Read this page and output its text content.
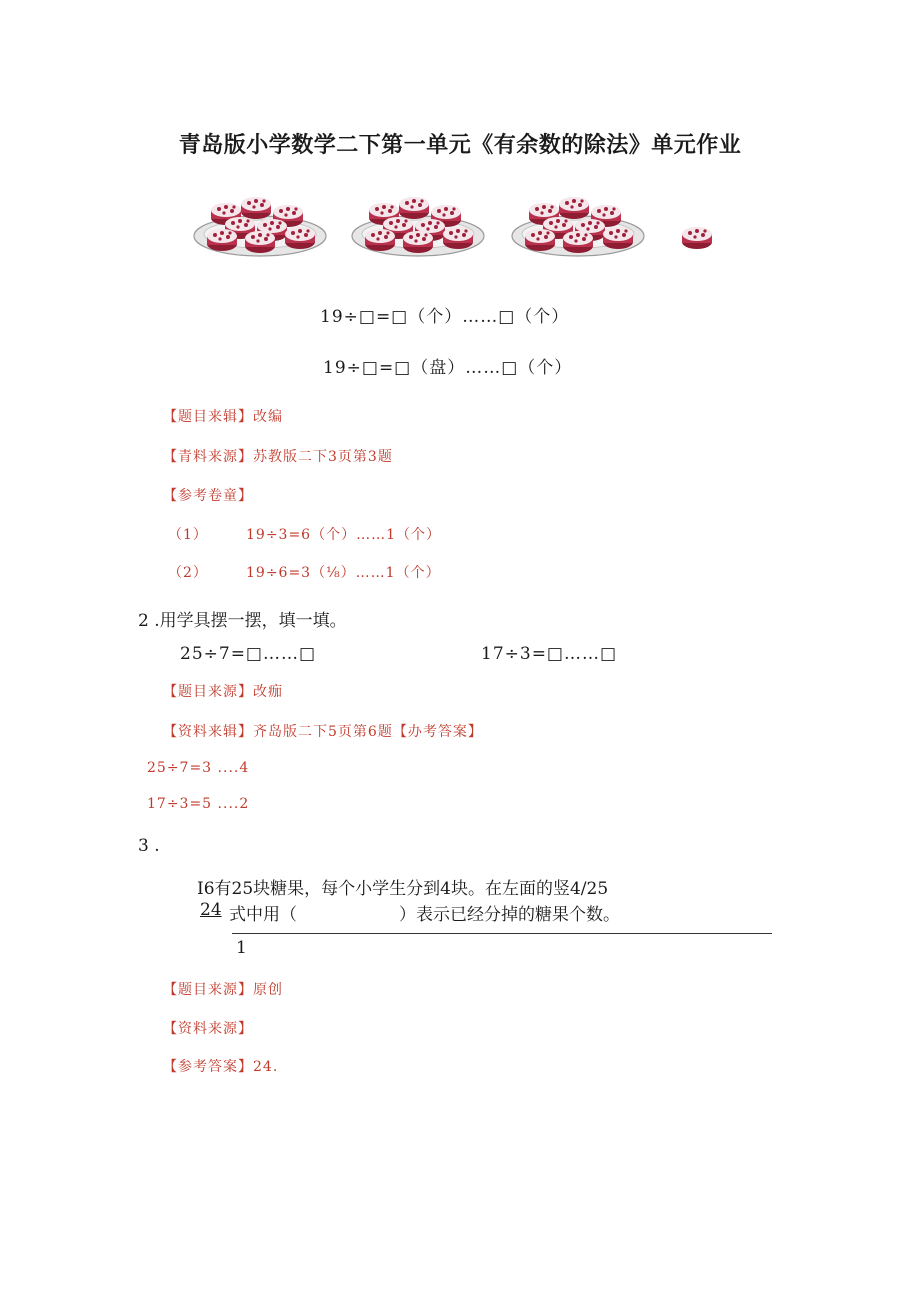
青岛版小学数学二下第一单元《有余数的除法》单元作业
19÷□=□（个）……□（个）
19÷□=□（盘）……□（个）
【题目来辑】改编
【青料来源】苏教版二下3页第3题
【参考卷童】
（1）	19÷3=6（个）……1（个）
（2）	19÷6=3（⅛）……1（个）
2 .用学具摆一摆，填一填。
25÷7=□……□	17÷3=□……□
【题目来源】改痂
【资料来辑】齐岛版二下5页第6题【办考答案】
25÷7=3 ....4
17÷3=5 ....2
3 .
I6有25块糖果，每个小学生分到4块。在左面的竖4/25
24 式中用（　　　　　　）表示已经分掉的糖果个数。
1
【题目来源】原创
【资料来源】
【参考答案】24.
